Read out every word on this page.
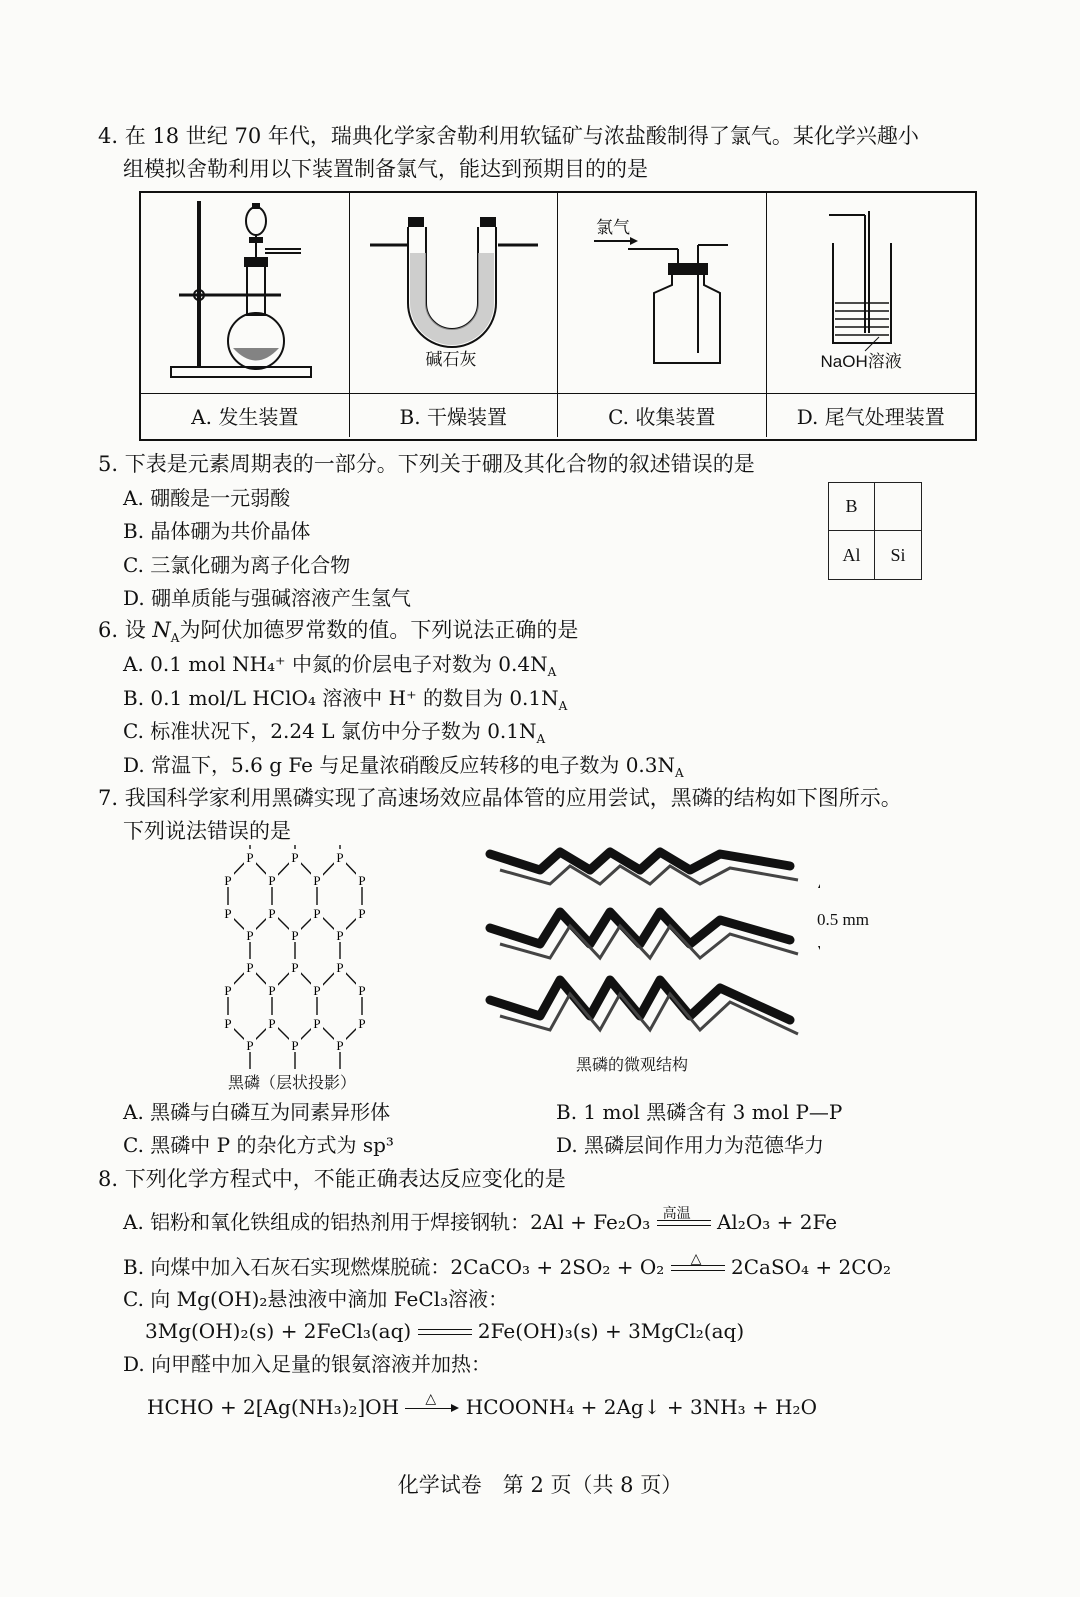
4. 在 18 世纪 70 年代，瑞典化学家舍勒利用软锰矿与浓盐酸制得了氯气。某化学兴趣小
组模拟舍勒利用以下装置制备氯气，能达到预期目的的是
碱石灰
氯气
NaOH溶液
A. 发生装置	B. 干燥装置	C. 收集装置	D. 尾气处理装置
5. 下表是元素周期表的一部分。下列关于硼及其化合物的叙述错误的是
A. 硼酸是一元弱酸
B. 晶体硼为共价晶体
C. 三氯化硼为离子化合物
D. 硼单质能与强碱溶液产生氢气
B
Al	Si
6. 设 $N_A$为阿伏加德罗常数的值。下列说法正确的是
A. 0.1 mol NH₄⁺ 中氮的价层电子对数为 $0.4N_A$
B. 0.1 mol/L HClO₄ 溶液中 H⁺ 的数目为 $0.1N_A$
C. 标准状况下，2.24 L 氯仿中分子数为 $0.1N_A$
D. 常温下，5.6 g Fe 与足量浓硝酸反应转移的电子数为 $0.3N_A$
7. 我国科学家利用黑磷实现了高速场效应晶体管的应用尝试，黑磷的结构如下图所示。
下列说法错误的是
P	P	P
P	P	P	P
P	P	P	P
P	P	P
P	P	P
P	P	P	P
P	P	P	P
P	P	P
黑磷（层状投影）
0.5 mm
黑磷的微观结构
A. 黑磷与白磷互为同素异形体	B. 1 mol 黑磷含有 3 mol P—P
C. 黑磷中 P 的杂化方式为 sp³	D. 黑磷层间作用力为范德华力
8. 下列化学方程式中，不能正确表达反应变化的是
A. 铝粉和氧化铁组成的铝热剂用于焊接钢轨：2Al + Fe₂O₃ 高温 Al₂O₃ + 2Fe
B. 向煤中加入石灰石实现燃煤脱硫：2CaCO₃ + 2SO₂ + O₂ △ 2CaSO₄ + 2CO₂
C. 向 Mg(OH)₂悬浊液中滴加 FeCl₃溶液：
3Mg(OH)₂(s) + 2FeCl₃(aq)	2Fe(OH)₃(s) + 3MgCl₂(aq)
D. 向甲醛中加入足量的银氨溶液并加热：
HCHO + 2[Ag(NH₃)₂]OH △ HCOONH₄ + 2Ag↓ + 3NH₃ + H₂O
化学试卷　第 2 页（共 8 页）
